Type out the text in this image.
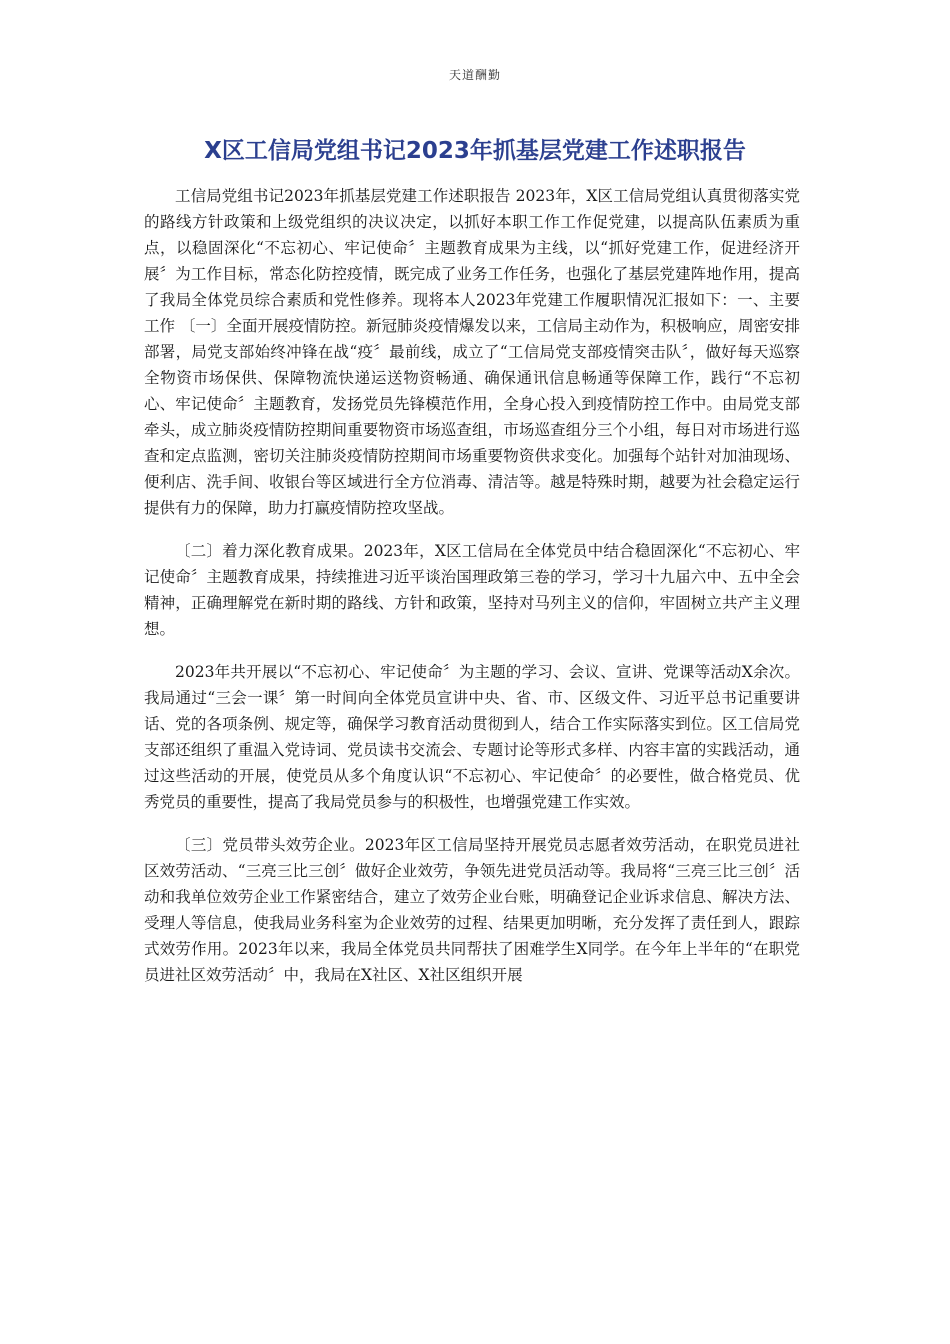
天道酬勤
X区工信局党组书记2023年抓基层党建工作述职报告

工信局党组书记2023年抓基层党建工作述职报告 2023年，X区工信局党组认真贯彻落实党的路线方针政策和上级党组织的决议决定，以抓好本职工作工作促党建，以提高队伍素质为重点，以稳固深化“不忘初心、牢记使命〞主题教育成果为主线，以“抓好党建工作，促进经济开展〞为工作目标，常态化防控疫情，既完成了业务工作任务，也强化了基层党建阵地作用，提高了我局全体党员综合素质和党性修养。现将本人2023年党建工作履职情况汇报如下：一、主要工作 〔一〕全面开展疫情防控。新冠肺炎疫情爆发以来，工信局主动作为，积极响应，周密安排部署，局党支部始终冲锋在战“疫〞最前线，成立了“工信局党支部疫情突击队〞，做好每天巡察全物资市场保供、保障物流快递运送物资畅通、确保通讯信息畅通等保障工作，践行“不忘初心、牢记使命〞主题教育，发扬党员先锋模范作用，全身心投入到疫情防控工作中。由局党支部牵头，成立肺炎疫情防控期间重要物资市场巡查组，市场巡查组分三个小组，每日对市场进行巡查和定点监测，密切关注肺炎疫情防控期间市场重要物资供求变化。加强每个站针对加油现场、便利店、洗手间、收银台等区域进行全方位消毒、清洁等。越是特殊时期，越要为社会稳定运行提供有力的保障，助力打赢疫情防控攻坚战。

〔二〕着力深化教育成果。2023年，X区工信局在全体党员中结合稳固深化“不忘初心、牢记使命〞主题教育成果，持续推进习近平谈治国理政第三卷的学习，学习十九届六中、五中全会精神，正确理解党在新时期的路线、方针和政策，坚持对马列主义的信仰，牢固树立共产主义理想。

2023年共开展以“不忘初心、牢记使命〞为主题的学习、会议、宣讲、党课等活动X余次。我局通过“三会一课〞第一时间向全体党员宣讲中央、省、市、区级文件、习近平总书记重要讲话、党的各项条例、规定等，确保学习教育活动贯彻到人，结合工作实际落实到位。区工信局党支部还组织了重温入党诗词、党员读书交流会、专题讨论等形式多样、内容丰富的实践活动，通过这些活动的开展，使党员从多个角度认识“不忘初心、牢记使命〞的必要性，做合格党员、优秀党员的重要性，提高了我局党员参与的积极性，也增强党建工作实效。

〔三〕党员带头效劳企业。2023年区工信局坚持开展党员志愿者效劳活动，在职党员进社区效劳活动、“三亮三比三创〞做好企业效劳，争领先进党员活动等。我局将“三亮三比三创〞活动和我单位效劳企业工作紧密结合，建立了效劳企业台账，明确登记企业诉求信息、解决方法、受理人等信息，使我局业务科室为企业效劳的过程、结果更加明晰，充分发挥了责任到人，跟踪式效劳作用。2023年以来，我局全体党员共同帮扶了困难学生X同学。在今年上半年的“在职党员进社区效劳活动〞中，我局在X社区、X社区组织开展
